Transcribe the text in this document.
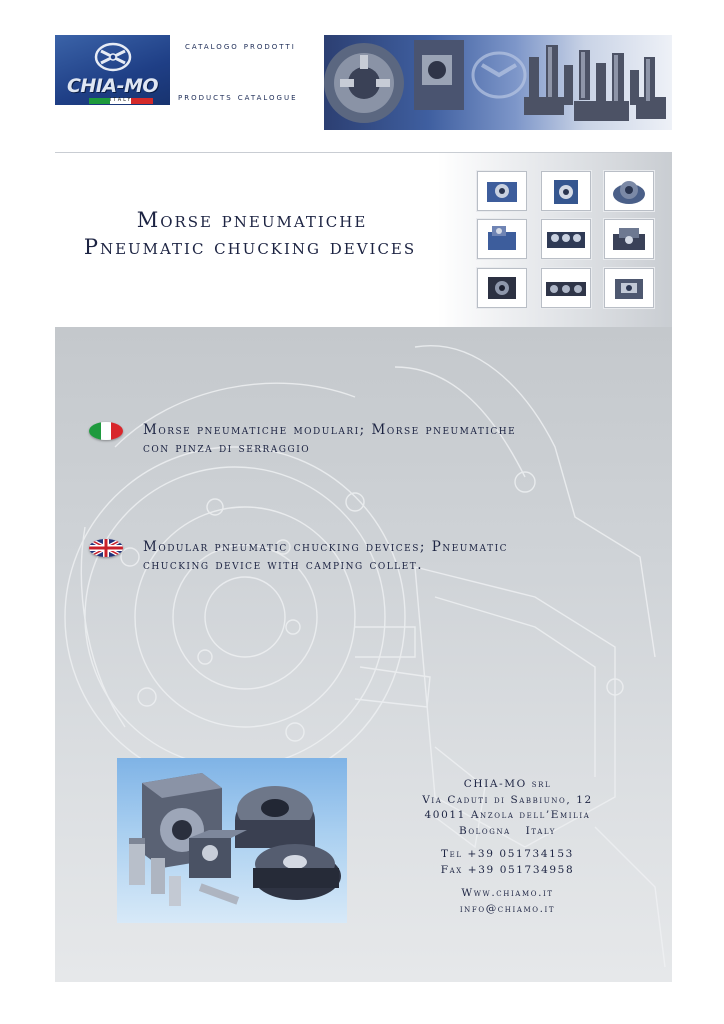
CHIA-MO
ITALY
catalogo prodotti
products catalogue
Morse pneumatiche
Pneumatic chucking devices
Morse pneumatiche modulari; Morse pneumatiche
con pinza di serraggio
Modular pneumatic chucking devices; Pneumatic
chucking device with camping collet.
CHIA-MO srl
Via Caduti di Sabbiuno, 12
40011 Anzola dell’Emilia
Bologna   Italy
Tel +39 051734153
Fax +39 051734958
Www.chiamo.it
info@chiamo.it
